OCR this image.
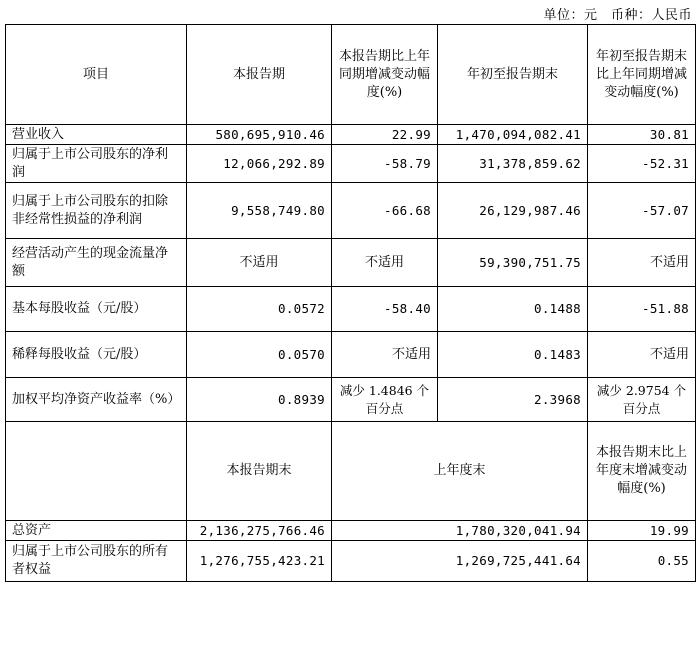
单位：元　币种：人民币
项目	本报告期	本报告期比上年同期增减变动幅度(%)	年初至报告期末	年初至报告期末比上年同期增减变动幅度(%)
营业收入	580,695,910.46	22.99	1,470,094,082.41	30.81
归属于上市公司股东的净利润	12,066,292.89	-58.79	31,378,859.62	-52.31
归属于上市公司股东的扣除非经常性损益的净利润	9,558,749.80	-66.68	26,129,987.46	-57.07
经营活动产生的现金流量净额	不适用	不适用	59,390,751.75	不适用
基本每股收益（元/股）	0.0572	-58.40	0.1488	-51.88
稀释每股收益（元/股）	0.0570	不适用	0.1483	不适用
加权平均净资产收益率（%）	0.8939	减少 1.4846 个百分点	2.3968	减少 2.9754 个百分点
	本报告期末	上年度末		本报告期末比上年度末增减变动幅度(%)
总资产	2,136,275,766.46	1,780,320,041.94		19.99
归属于上市公司股东的所有者权益	1,276,755,423.21	1,269,725,441.64		0.55
